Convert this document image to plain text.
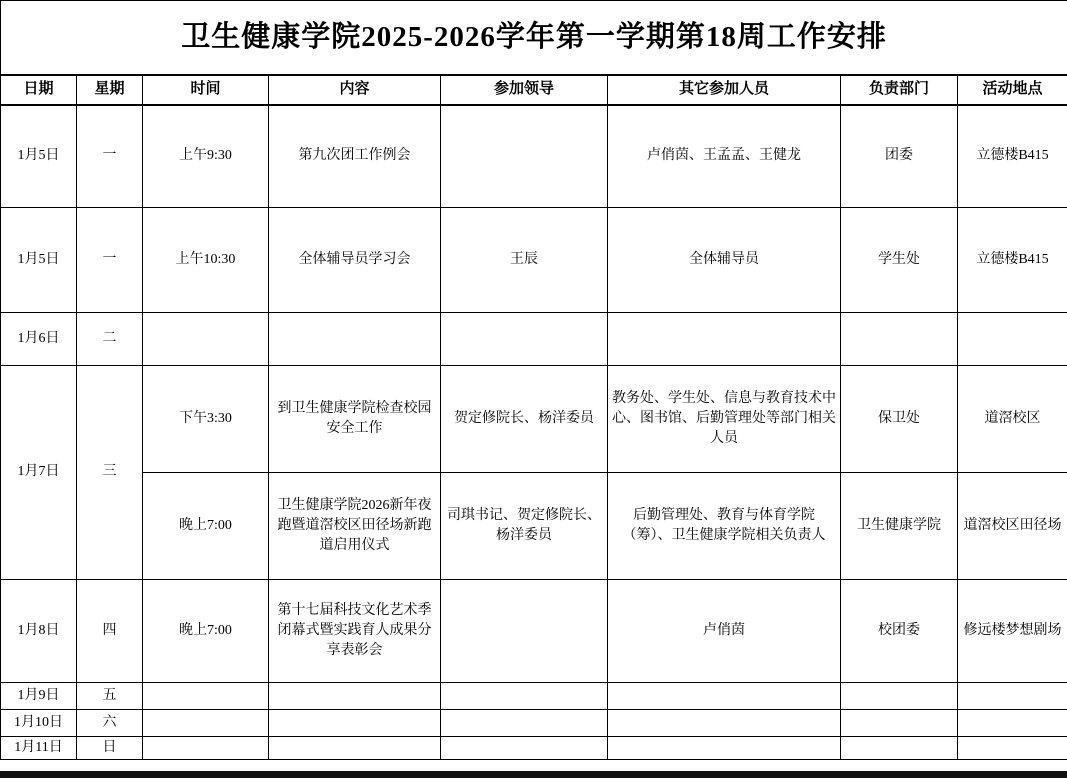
卫生健康学院2025-2026学年第一学期第18周工作安排							
日期	星期	时间	内容	参加领导	其它参加人员	负责部门	活动地点
1月5日	一	上午9:30	第九次团工作例会		卢俏茵、王孟孟、王健龙	团委	立德楼B415
1月5日	一	上午10:30	全体辅导员学习会	王辰	全体辅导员	学生处	立德楼B415
1月6日	二						
1月7日	三	下午3:30	到卫生健康学院检查校园安全工作	贺定修院长、杨洋委员	教务处、学生处、信息与教育技术中心、图书馆、后勤管理处等部门相关人员	保卫处	道滘校区
		晚上7:00	卫生健康学院2026新年夜跑暨道滘校区田径场新跑道启用仪式	司琪书记、贺定修院长、杨洋委员	后勤管理处、教育与体育学院（筹）、卫生健康学院相关负责人	卫生健康学院	道滘校区田径场
1月8日	四	晚上7:00	第十七届科技文化艺术季闭幕式暨实践育人成果分享表彰会		卢俏茵	校团委	修远楼梦想剧场
1月9日	五						
1月10日	六						
1月11日	日						
